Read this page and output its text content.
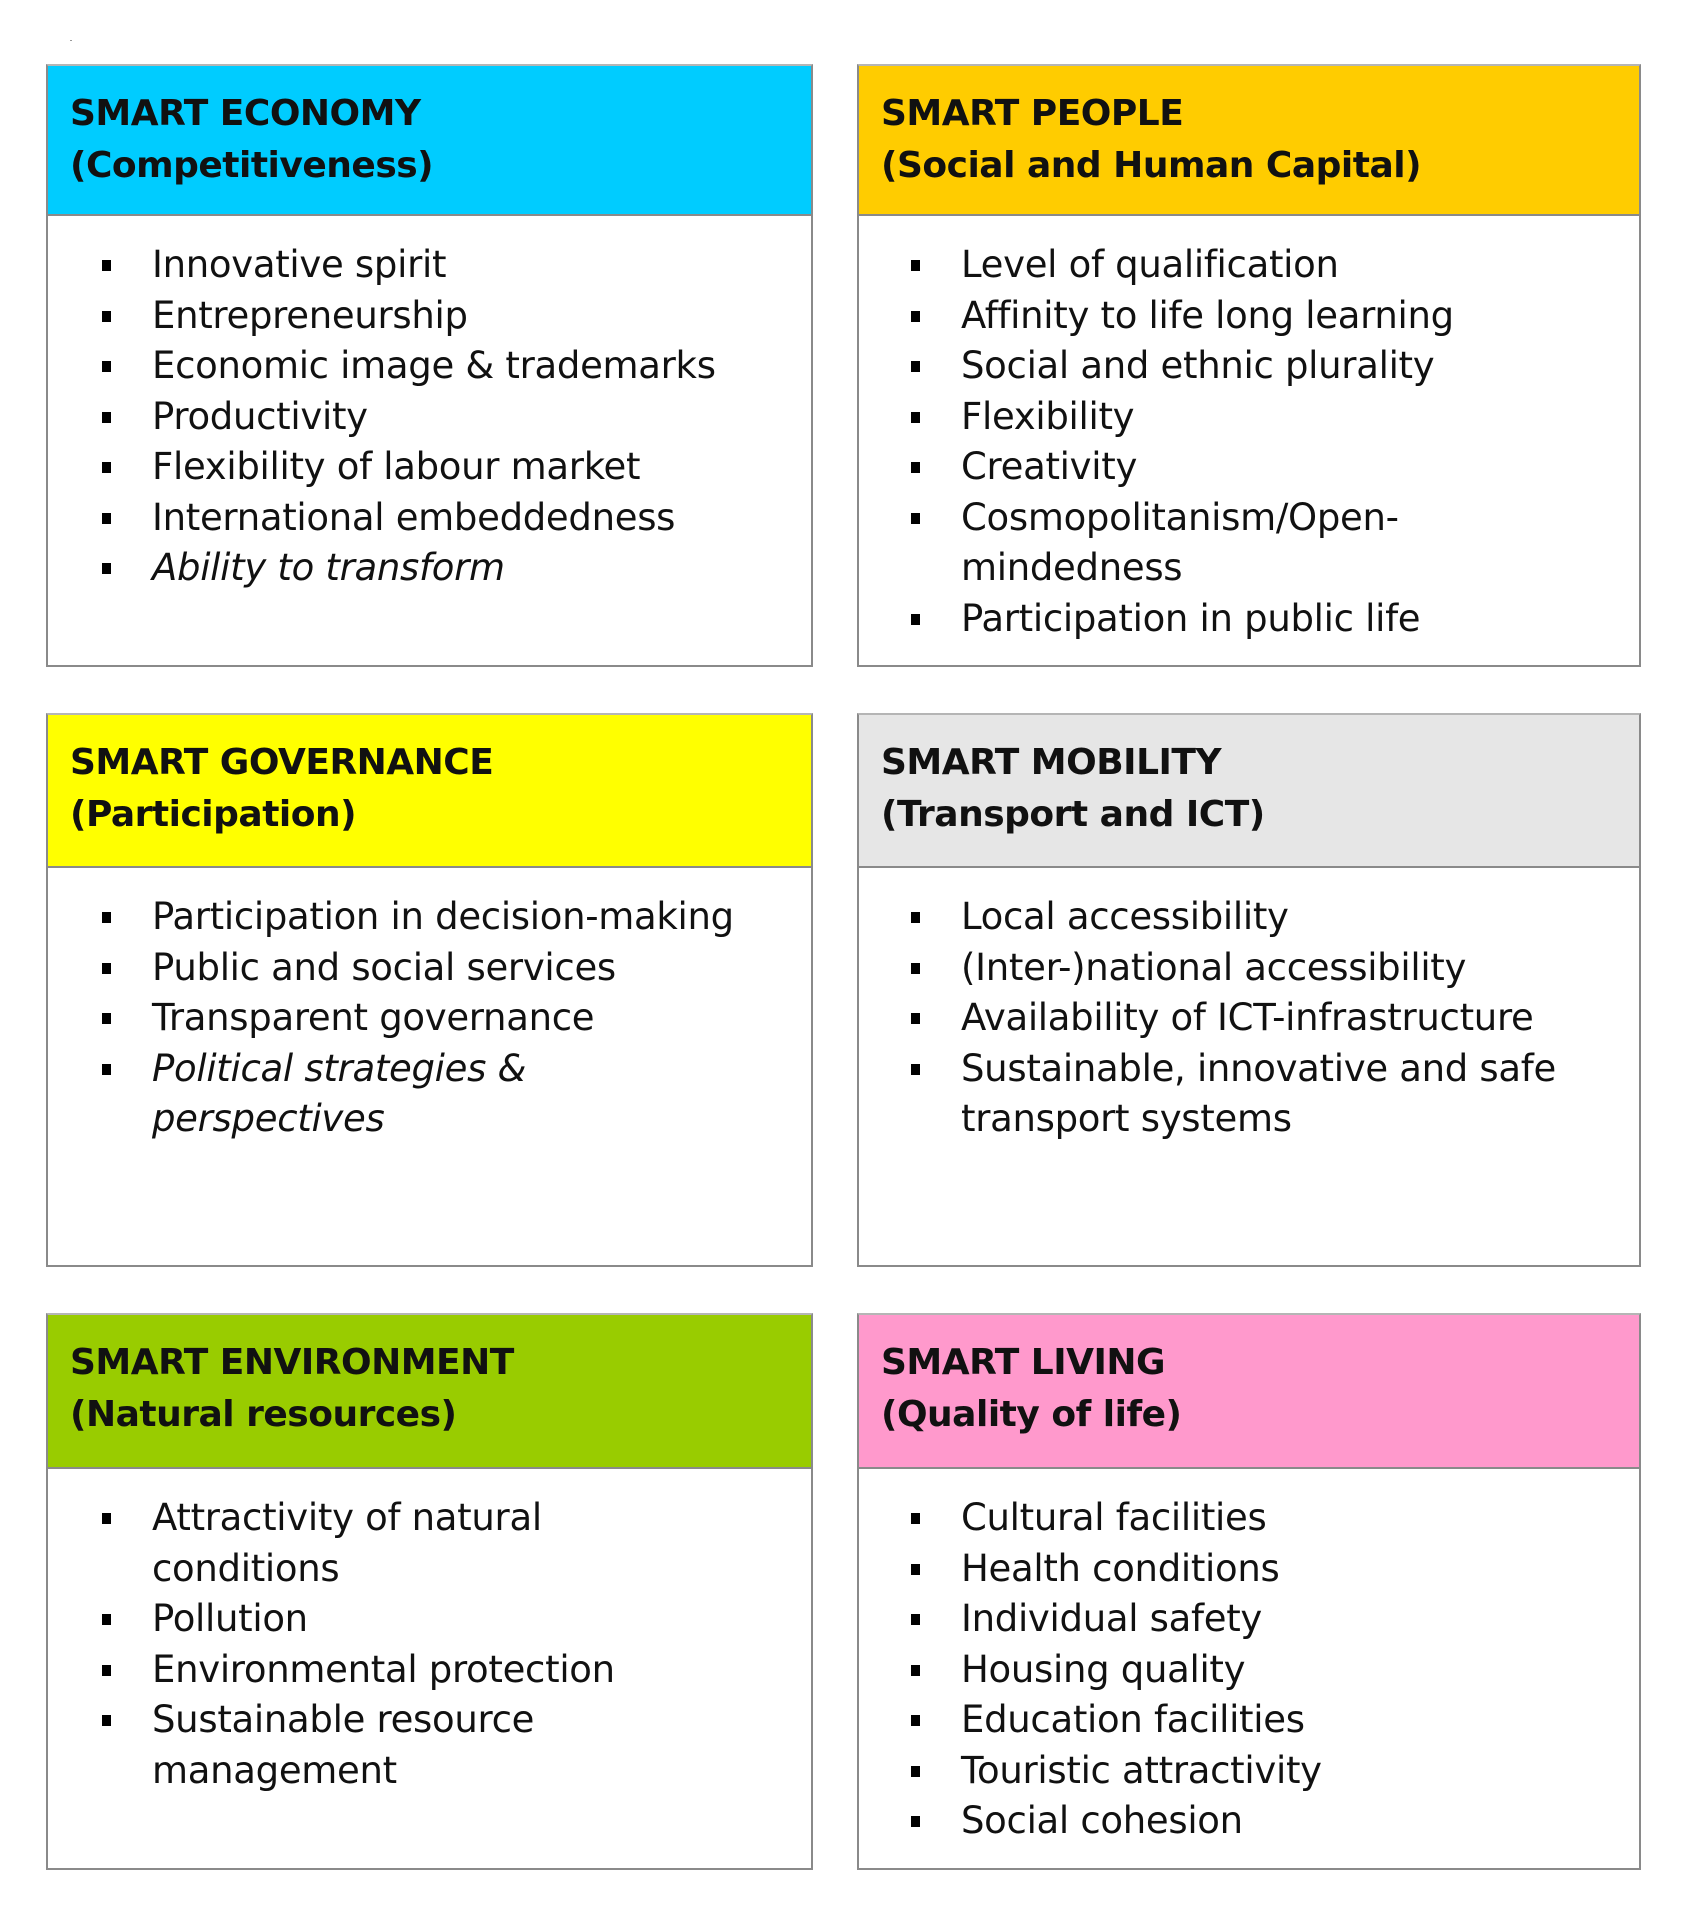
SMART ECONOMY
(Competitiveness)
Innovative spirit
Entrepreneurship
Economic image & trademarks
Productivity
Flexibility of labour market
International embeddedness
Ability to transform
SMART PEOPLE
(Social and Human Capital)
Level of qualification
Affinity to life long learning
Social and ethnic plurality
Flexibility
Creativity
Cosmopolitanism/Open-mindedness
Participation in public life
SMART GOVERNANCE
(Participation)
Participation in decision-making
Public and social services
Transparent governance
Political strategies & perspectives
SMART MOBILITY
(Transport and ICT)
Local accessibility
(Inter-)national accessibility
Availability of ICT-infrastructure
Sustainable, innovative and safe transport systems
SMART ENVIRONMENT
(Natural resources)
Attractivity of natural conditions
Pollution
Environmental protection
Sustainable resource management
SMART LIVING
(Quality of life)
Cultural facilities
Health conditions
Individual safety
Housing quality
Education facilities
Touristic attractivity
Social cohesion
